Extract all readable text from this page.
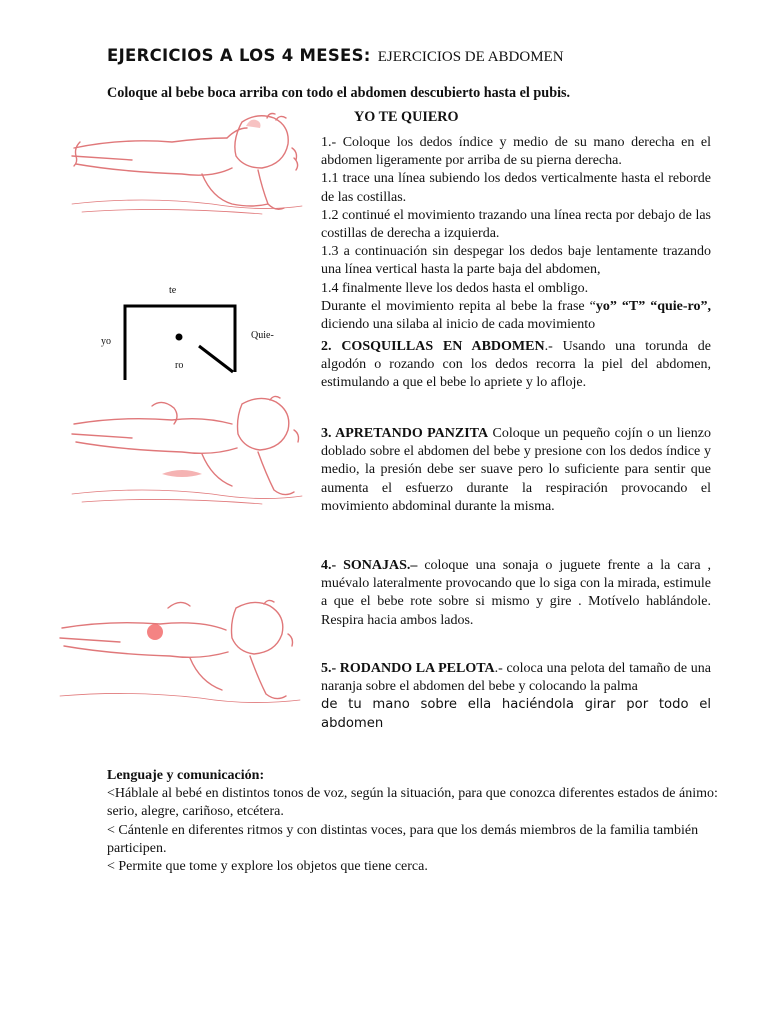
EJERCICIOS A LOS 4 MESES: EJERCICIOS DE ABDOMEN
Coloque al bebe boca arriba con todo el abdomen descubierto hasta el pubis.
YO TE QUIERO

1.- Coloque los dedos índice y medio de su mano derecha en el abdomen ligeramente por arriba de su pierna derecha.

1.1 trace una línea subiendo los dedos verticalmente hasta el reborde de las costillas.

1.2 continué el movimiento trazando una línea recta por debajo de las costillas de derecha a izquierda.

1.3 a continuación sin despegar los dedos baje lentamente trazando una línea vertical hasta la parte baja del abdomen,

1.4 finalmente lleve los dedos hasta el ombligo.

Durante el movimiento repita al bebe la frase “yo” “T” “quie-ro”, diciendo una silaba al inicio de cada movimiento

te
yo
Quie-
ro

2. COSQUILLAS EN ABDOMEN.- Usando una torunda de algodón o rozando con los dedos recorra la piel del abdomen, estimulando a que el bebe lo apriete y lo afloje.

3. APRETANDO PANZITA Coloque un pequeño cojín o un lienzo doblado sobre el abdomen del bebe y presione con los dedos índice y medio, la presión debe ser suave pero lo suficiente para sentir que aumenta el esfuerzo durante la respiración provocando el movimiento abdominal durante la misma.

4.- SONAJAS.– coloque una sonaja o juguete frente a la cara , muévalo lateralmente provocando que lo siga con la mirada, estimule a que el bebe rote sobre si mismo y gire . Motívelo hablándole. Respira hacia ambos lados.

5.- RODANDO LA PELOTA.- coloca una pelota del tamaño de una naranja sobre el abdomen del bebe y colocando la palma
de tu mano sobre ella haciéndola girar por todo el abdomen

Lenguaje y comunicación:

<Háblale al bebé en distintos tonos de voz, según la situación, para que conozca diferentes estados de ánimo: serio, alegre, cariñoso, etcétera.

< Cántenle en diferentes ritmos y con distintas voces, para que los demás miembros de la familia también participen.

< Permite que tome y explore los objetos que tiene cerca.
